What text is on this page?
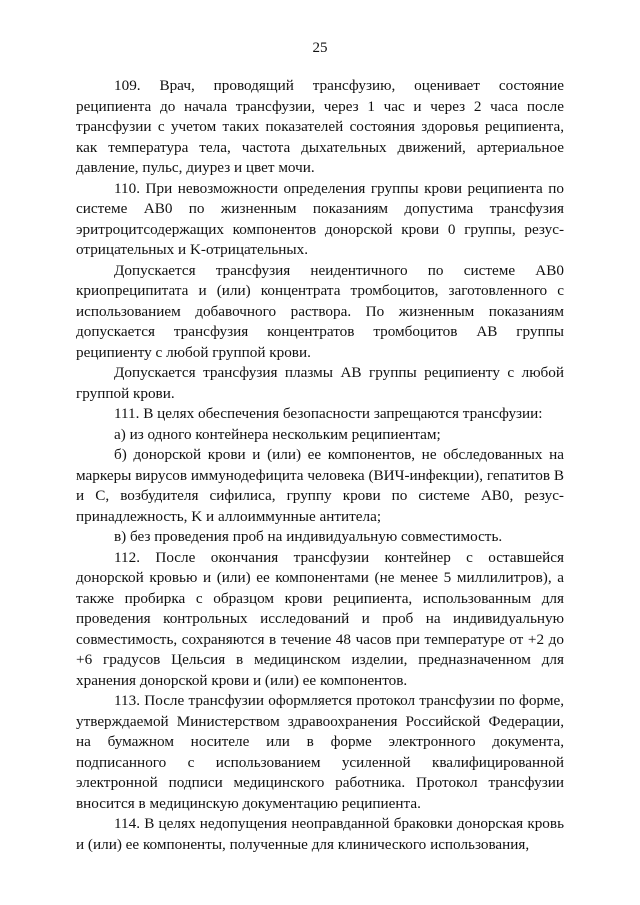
25

109. Врач, проводящий трансфузию, оценивает состояние реципиента до начала трансфузии, через 1 час и через 2 часа после трансфузии с учетом таких показателей состояния здоровья реципиента, как температура тела, частота дыхательных движений, артериальное давление, пульс, диурез и цвет мочи.

110. При невозможности определения группы крови реципиента по системе АВ0 по жизненным показаниям допустима трансфузия эритроцитсодержащих компонентов донорской крови 0 группы, резус-отрицательных и K-отрицательных.

Допускается трансфузия неидентичного по системе АВ0 криопреципитата и (или) концентрата тромбоцитов, заготовленного с использованием добавочного раствора. По жизненным показаниям допускается трансфузия концентратов тромбоцитов АВ группы реципиенту с любой группой крови.

Допускается трансфузия плазмы АВ группы реципиенту с любой группой крови.

111. В целях обеспечения безопасности запрещаются трансфузии:

а) из одного контейнера нескольким реципиентам;

б) донорской крови и (или) ее компонентов, не обследованных на маркеры вирусов иммунодефицита человека (ВИЧ-инфекции), гепатитов B и C, возбудителя сифилиса, группу крови по системе АВ0, резус-принадлежность, K и аллоиммунные антитела;

в) без проведения проб на индивидуальную совместимость.

112. После окончания трансфузии контейнер с оставшейся донорской кровью и (или) ее компонентами (не менее 5 миллилитров), а также пробирка с образцом крови реципиента, использованным для проведения контрольных исследований и проб на индивидуальную совместимость, сохраняются в течение 48 часов при температуре от +2 до +6 градусов Цельсия в медицинском изделии, предназначенном для хранения донорской крови и (или) ее компонентов.

113. После трансфузии оформляется протокол трансфузии по форме, утверждаемой Министерством здравоохранения Российской Федерации, на бумажном носителе или в форме электронного документа, подписанного с использованием усиленной квалифицированной электронной подписи медицинского работника. Протокол трансфузии вносится в медицинскую документацию реципиента.

114. В целях недопущения неоправданной браковки донорская кровь и (или) ее компоненты, полученные для клинического использования,
